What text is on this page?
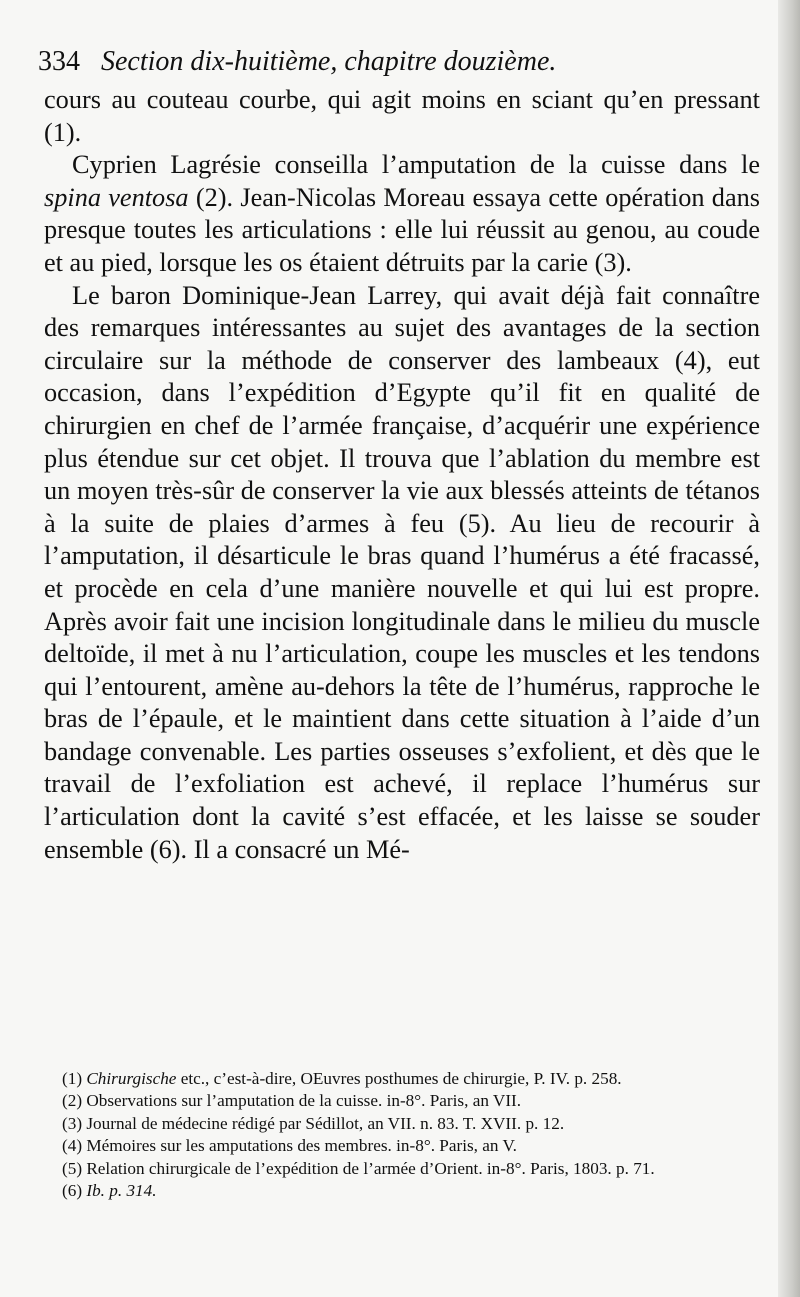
334 Section dix-huitième, chapitre douzième.

cours au couteau courbe, qui agit moins en sciant qu’en pressant (1).

Cyprien Lagrésie conseilla l’amputation de la cuisse dans le spina ventosa (2). Jean-Nicolas Moreau essaya cette opération dans presque toutes les articulations : elle lui réussit au genou, au coude et au pied, lorsque les os étaient détruits par la carie (3).

Le baron Dominique-Jean Larrey, qui avait déjà fait connaître des remarques intéressantes au sujet des avantages de la section circulaire sur la méthode de conserver des lambeaux (4), eut occasion, dans l’expédition d’Egypte qu’il fit en qualité de chirurgien en chef de l’armée française, d’acquérir une expérience plus étendue sur cet objet. Il trouva que l’ablation du membre est un moyen très-sûr de conserver la vie aux blessés atteints de tétanos à la suite de plaies d’armes à feu (5). Au lieu de recourir à l’amputation, il désarticule le bras quand l’humérus a été fracassé, et procède en cela d’une manière nouvelle et qui lui est propre. Après avoir fait une incision longitudinale dans le milieu du muscle deltoïde, il met à nu l’articulation, coupe les muscles et les tendons qui l’entourent, amène au-dehors la tête de l’humérus, rapproche le bras de l’épaule, et le maintient dans cette situation à l’aide d’un bandage convenable. Les parties osseuses s’exfolient, et dès que le travail de l’exfoliation est achevé, il replace l’humérus sur l’articulation dont la cavité s’est effacée, et les laisse se souder ensemble (6). Il a consacré un Mé-

(1) Chirurgische etc., c’est-à-dire, OEuvres posthumes de chirurgie, P. IV. p. 258.

(2) Observations sur l’amputation de la cuisse. in-8°. Paris, an VII.

(3) Journal de médecine rédigé par Sédillot, an VII. n. 83. T. XVII. p. 12.

(4) Mémoires sur les amputations des membres. in-8°. Paris, an V.

(5) Relation chirurgicale de l’expédition de l’armée d’Orient. in-8°. Paris, 1803. p. 71.

(6) Ib. p. 314.
